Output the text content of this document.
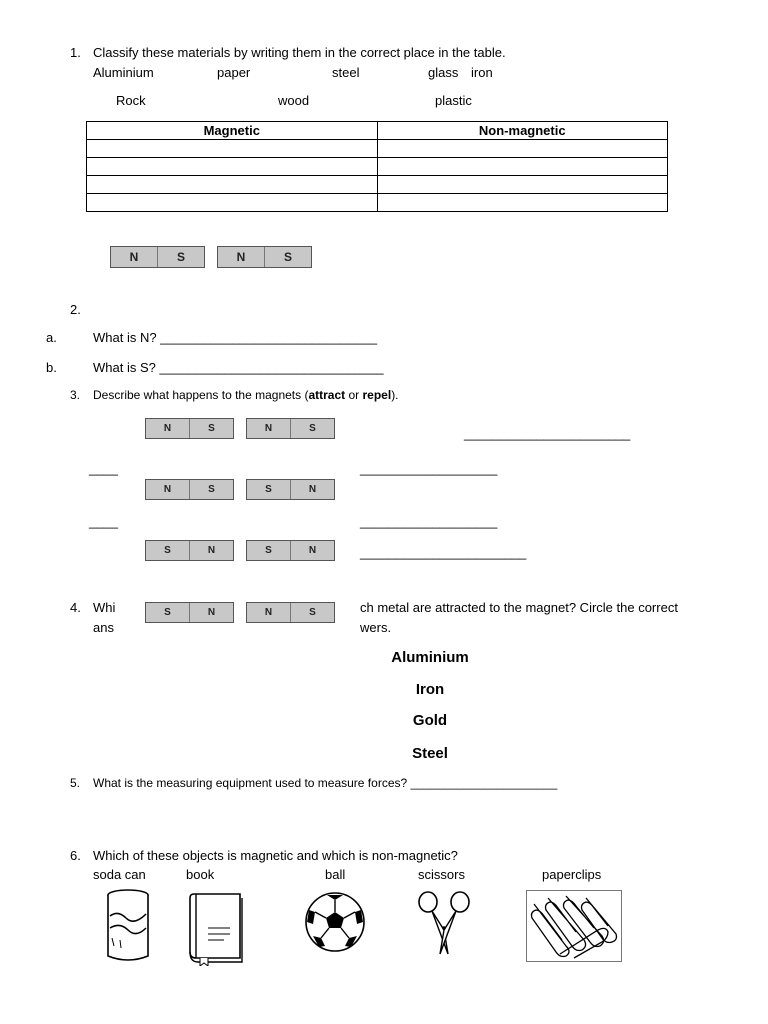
1. Classify these materials by writing them in the correct place in the table.
Aluminium	paper	steel	glass iron
Rock	wood	plastic
Magnetic	Non-magnetic

N	S	N	S
2.
a.	What is N? ______________________________
b.	What is S? _______________________________
3. Describe what happens to the magnets (attract or repel).
N	S	N	S	_______________________
____	___________________
N	S	S	N
____	___________________
S	N	S	N	_______________________
4. Whi
ans
S	N	N	S	ch metal are attracted to the magnet? Circle the correct
wers.
Aluminium
Iron
Gold
Steel
5. What is the measuring equipment used to measure forces? ______________________
6. Which of these objects is magnetic and which is non-magnetic?
soda can	book	ball	scissors	paperclips
